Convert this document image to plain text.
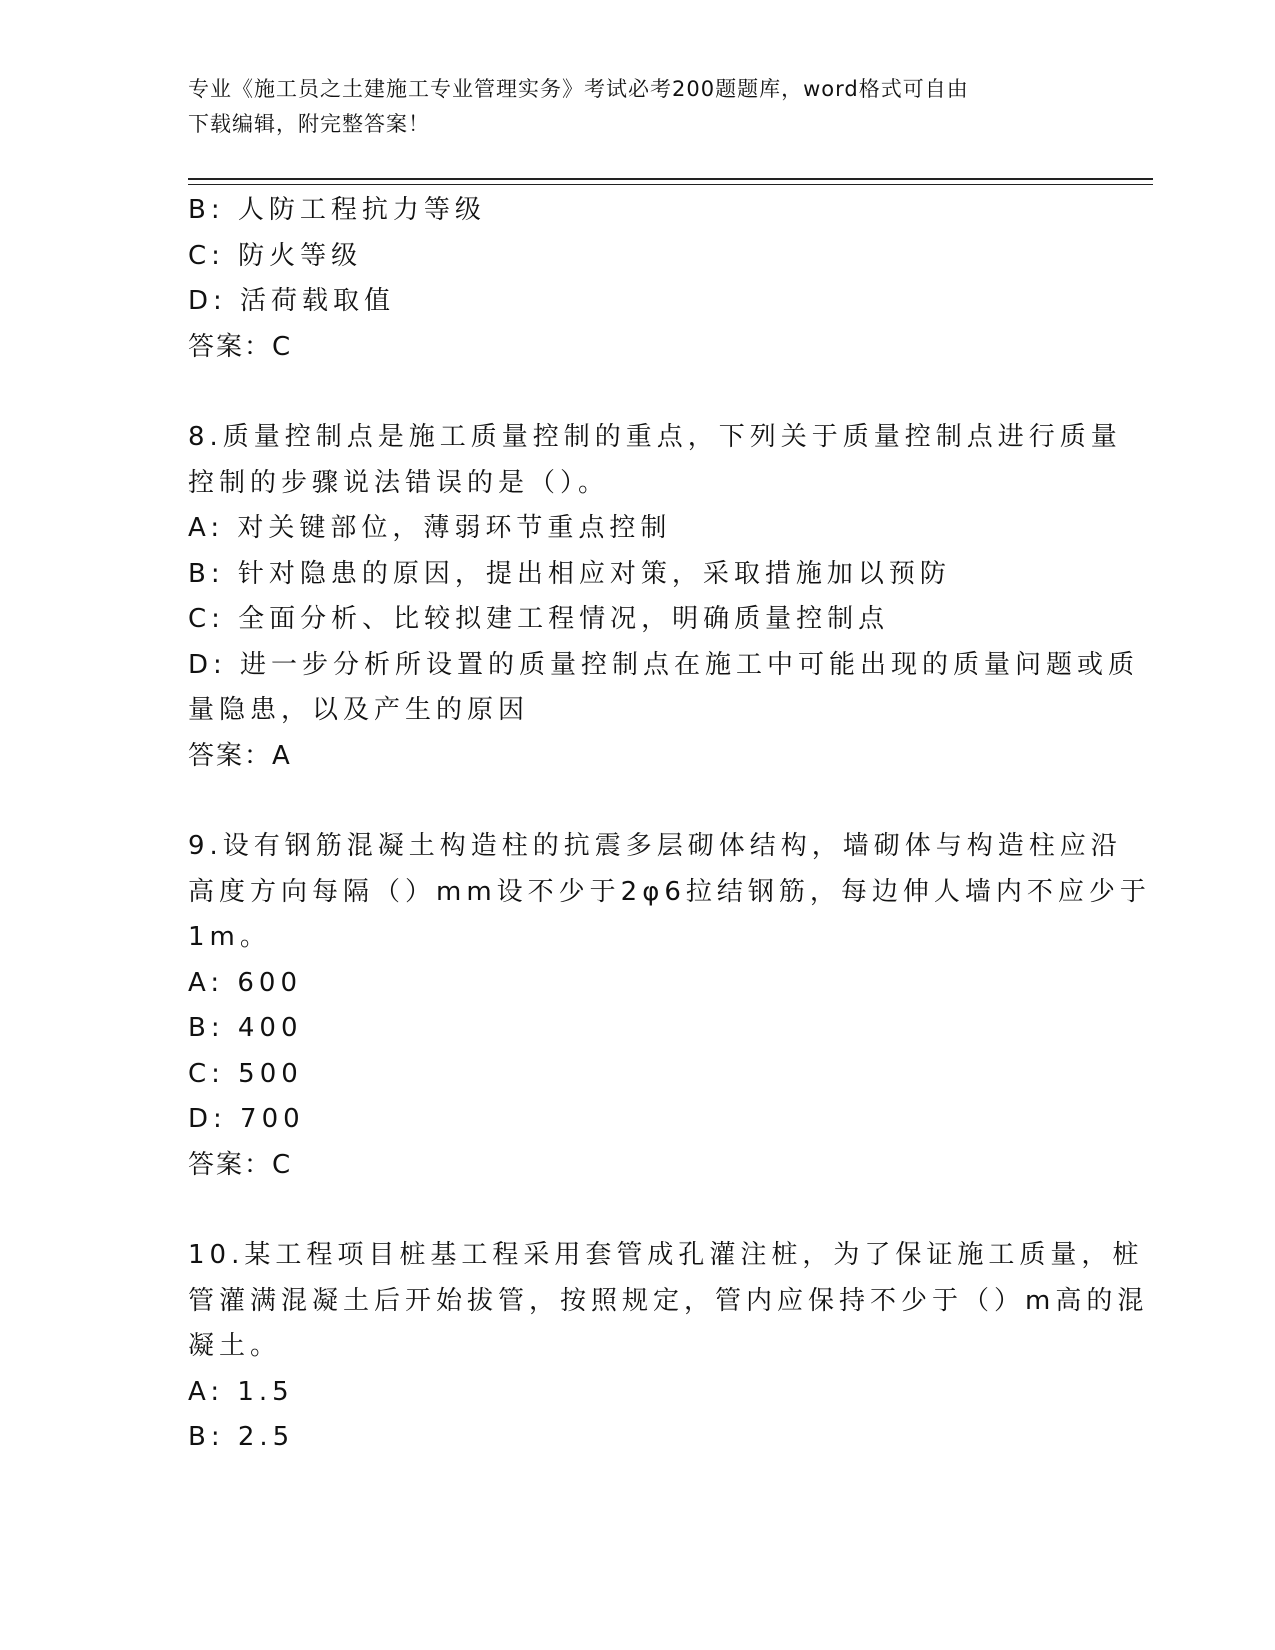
专业《施工员之土建施工专业管理实务》考试必考200题题库，word格式可自由
下载编辑，附完整答案！

B: 人防工程抗力等级

C: 防火等级

D: 活荷载取值

答案：C

8.质量控制点是施工质量控制的重点，下列关于质量控制点进行质量

控制的步骤说法错误的是（）。

A: 对关键部位，薄弱环节重点控制

B: 针对隐患的原因，提出相应对策，采取措施加以预防

C: 全面分析、比较拟建工程情况，明确质量控制点

D: 进一步分析所设置的质量控制点在施工中可能出现的质量问题或质

量隐患，以及产生的原因

答案：A

9.设有钢筋混凝土构造柱的抗震多层砌体结构，墙砌体与构造柱应沿

高度方向每隔（）mm设不少于2φ6拉结钢筋，每边伸人墙内不应少于

1m。

A: 600

B: 400

C: 500

D: 700

答案：C

10.某工程项目桩基工程采用套管成孔灌注桩，为了保证施工质量，桩

管灌满混凝土后开始拔管，按照规定，管内应保持不少于（）m高的混

凝土。

A: 1.5

B: 2.5
